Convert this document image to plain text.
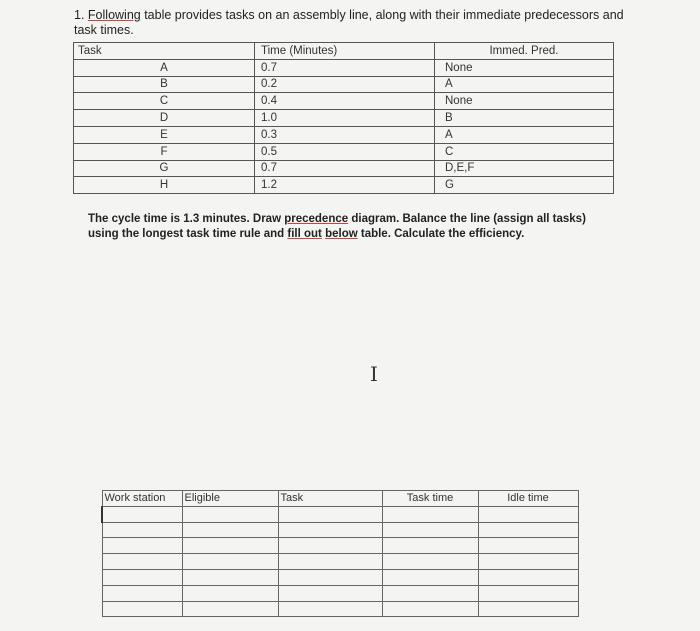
1. Following table provides tasks on an assembly line, along with their immediate predecessors and task times.
Task	Time (Minutes)	Immed. Pred.
A	0.7	None
B	0.2	A
C	0.4	None
D	1.0	B
E	0.3	A
F	0.5	C
G	0.7	D,E,F
H	1.2	G
The cycle time is 1.3 minutes. Draw precedence diagram. Balance the line (assign all tasks) using the longest task time rule and fill out below table. Calculate the efficiency.
I
Work station	Eligible	Task	Task time	Idle time
